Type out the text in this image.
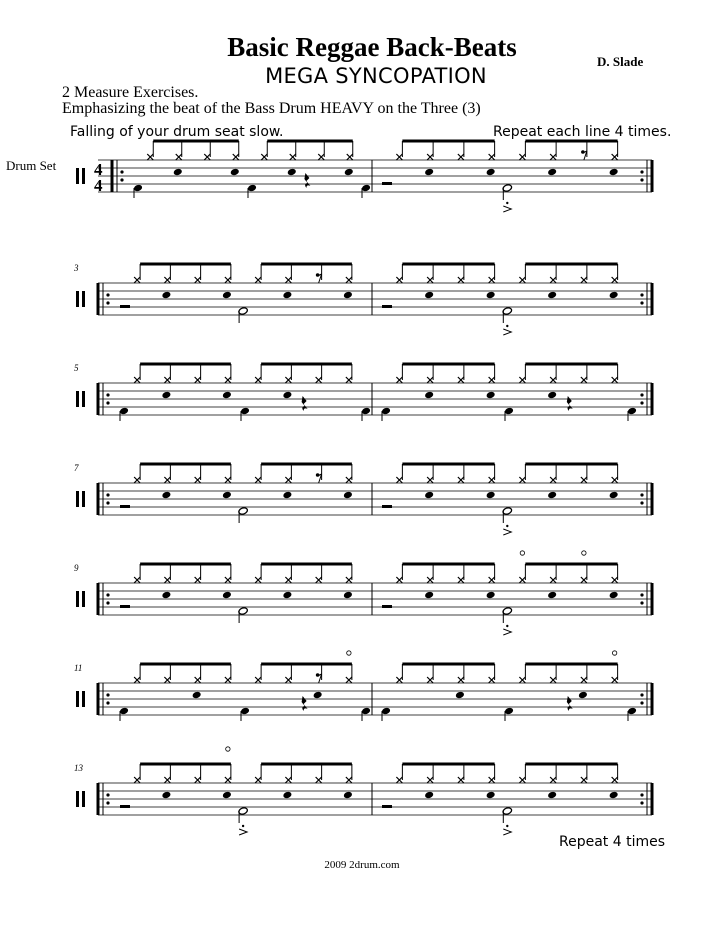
Basic Reggae Back-Beats
MEGA SYNCOPATION
D. Slade
2 Measure Exercises.
Emphasizing the beat of the Bass Drum HEAVY on the Three (3)
Falling of your drum seat slow.	Repeat each line 4 times.
Drum Set 4
4
3
5
7
9
11
13
Repeat 4 times
2009 2drum.com
